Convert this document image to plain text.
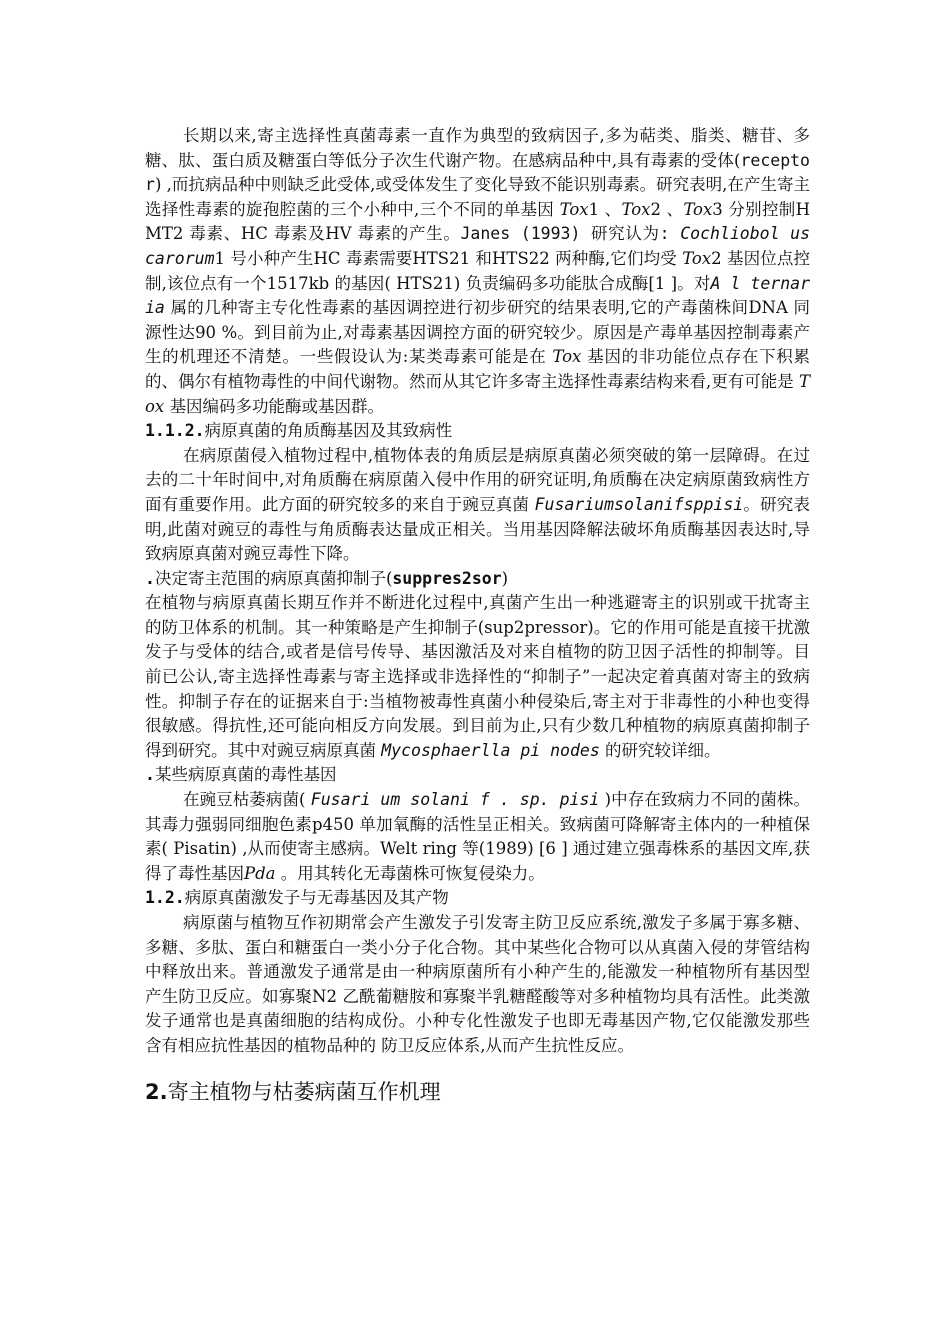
长期以来,寄主选择性真菌毒素一直作为典型的致病因子,多为萜类、脂类、糖苷、多糖、肽、蛋白质及糖蛋白等低分子次生代谢产物。在感病品种中,具有毒素的受体(receptor) ,而抗病品种中则缺乏此受体,或受体发生了变化导致不能识别毒素。研究表明,在产生寄主选择性毒素的旋孢腔菌的三个小种中,三个不同的单基因 Tox1 、Tox2 、Tox3 分别控制HMT2 毒素、HC 毒素及HV 毒素的产生。Janes (1993) 研究认为: Cochliobol us carorum1 号小种产生HC 毒素需要HTS21 和HTS22 两种酶,它们均受 Tox2 基因位点控制,该位点有一个1517kb 的基因( HTS21) 负责编码多功能肽合成酶[1 ]。对A l ternaria 属的几种寄主专化性毒素的基因调控进行初步研究的结果表明,它的产毒菌株间DNA 同源性达90 %。到目前为止,对毒素基因调控方面的研究较少。原因是产毒单基因控制毒素产生的机理还不清楚。一些假设认为:某类毒素可能是在 Tox 基因的非功能位点存在下积累的、偶尔有植物毒性的中间代谢物。然而从其它许多寄主选择性毒素结构来看,更有可能是 Tox 基因编码多功能酶或基因群。

1.1.2.病原真菌的角质酶基因及其致病性

在病原菌侵入植物过程中,植物体表的角质层是病原真菌必须突破的第一层障碍。在过去的二十年时间中,对角质酶在病原菌入侵中作用的研究证明,角质酶在决定病原菌致病性方面有重要作用。此方面的研究较多的来自于豌豆真菌 Fusariumsolanifsppisi。研究表明,此菌对豌豆的毒性与角质酶表达量成正相关。当用基因降解法破坏角质酶基因表达时,导致病原真菌对豌豆毒性下降。

.决定寄主范围的病原真菌抑制子(suppres2sor)

在植物与病原真菌长期互作并不断进化过程中,真菌产生出一种逃避寄主的识别或干扰寄主的防卫体系的机制。其一种策略是产生抑制子(sup2pressor)。它的作用可能是直接干扰激发子与受体的结合,或者是信号传导、基因激活及对来自植物的防卫因子活性的抑制等。目前已公认,寄主选择性毒素与寄主选择或非选择性的“抑制子”一起决定着真菌对寄主的致病性。抑制子存在的证据来自于:当植物被毒性真菌小种侵染后,寄主对于非毒性的小种也变得很敏感。得抗性,还可能向相反方向发展。到目前为止,只有少数几种植物的病原真菌抑制子得到研究。其中对豌豆病原真菌 Mycosphaerlla pi nodes 的研究较详细。

.某些病原真菌的毒性基因

在豌豆枯萎病菌( Fusari um solani f . sp. pisi )中存在致病力不同的菌株。其毒力强弱同细胞色素p450 单加氧酶的活性呈正相关。致病菌可降解寄主体内的一种植保素( Pisatin) ,从而使寄主感病。Welt ring 等(1989) [6 ] 通过建立强毒株系的基因文库,获得了毒性基因Pda 。用其转化无毒菌株可恢复侵染力。

1.2.病原真菌激发子与无毒基因及其产物

病原菌与植物互作初期常会产生激发子引发寄主防卫反应系统,激发子多属于寡多糖、多糖、多肽、蛋白和糖蛋白一类小分子化合物。其中某些化合物可以从真菌入侵的芽管结构中释放出来。普通激发子通常是由一种病原菌所有小种产生的,能激发一种植物所有基因型产生防卫反应。如寡聚N2 乙酰葡糖胺和寡聚半乳糖醛酸等对多种植物均具有活性。此类激发子通常也是真菌细胞的结构成份。小种专化性激发子也即无毒基因产物,它仅能激发那些含有相应抗性基因的植物品种的 防卫反应体系,从而产生抗性反应。

2.寄主植物与枯萎病菌互作机理
